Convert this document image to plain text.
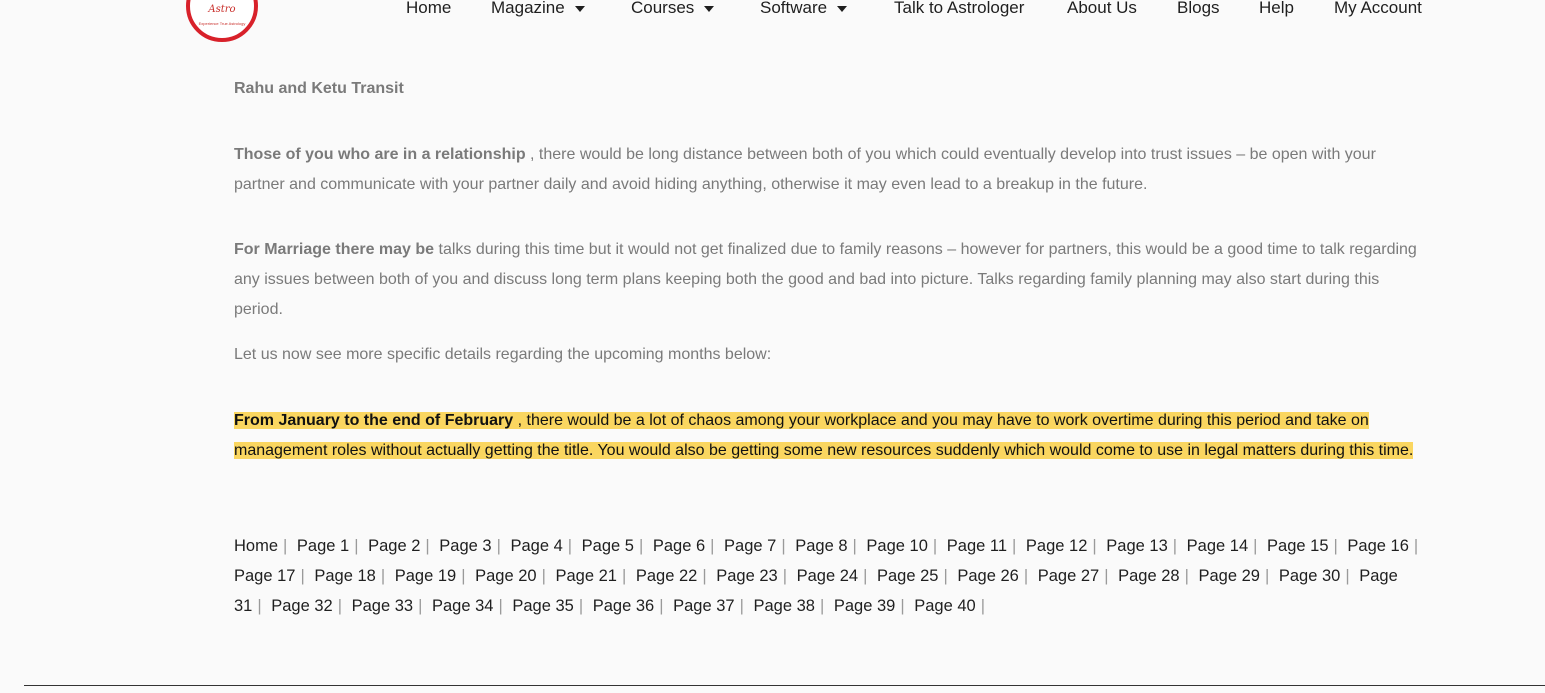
Astro
Experience True Astrology
Home Magazine	Courses	Software	Talk to Astrologer	About Us Blogs Help My Account
Rahu and Ketu Transit
Those of you who are in a relationship , there would be long distance between both of you which could eventually develop into trust issues – be open with your partner and communicate with your partner daily and avoid hiding anything, otherwise it may even lead to a breakup in the future.
For Marriage there may be talks during this time but it would not get finalized due to family reasons – however for partners, this would be a good time to talk regarding any issues between both of you and discuss long term plans keeping both the good and bad into picture. Talks regarding family planning may also start during this period.
Let us now see more specific details regarding the upcoming months below:
From January to the end of February , there would be a lot of chaos among your workplace and you may have to work overtime during this period and take on management roles without actually getting the title. You would also be getting some new resources suddenly which would come to use in legal matters during this time.
Home | Page 1 | Page 2 | Page 3 | Page 4 | Page 5 | Page 6 | Page 7 | Page 8 | Page 10 | Page 11 | Page 12 | Page 13 | Page 14 | Page 15 | Page 16 | Page 17 | Page 18 | Page 19 | Page 20 | Page 21 | Page 22 | Page 23 | Page 24 | Page 25 | Page 26 | Page 27 | Page 28 | Page 29 | Page 30 | Page 31 | Page 32 | Page 33 | Page 34 | Page 35 | Page 36 | Page 37 | Page 38 | Page 39 | Page 40 |
